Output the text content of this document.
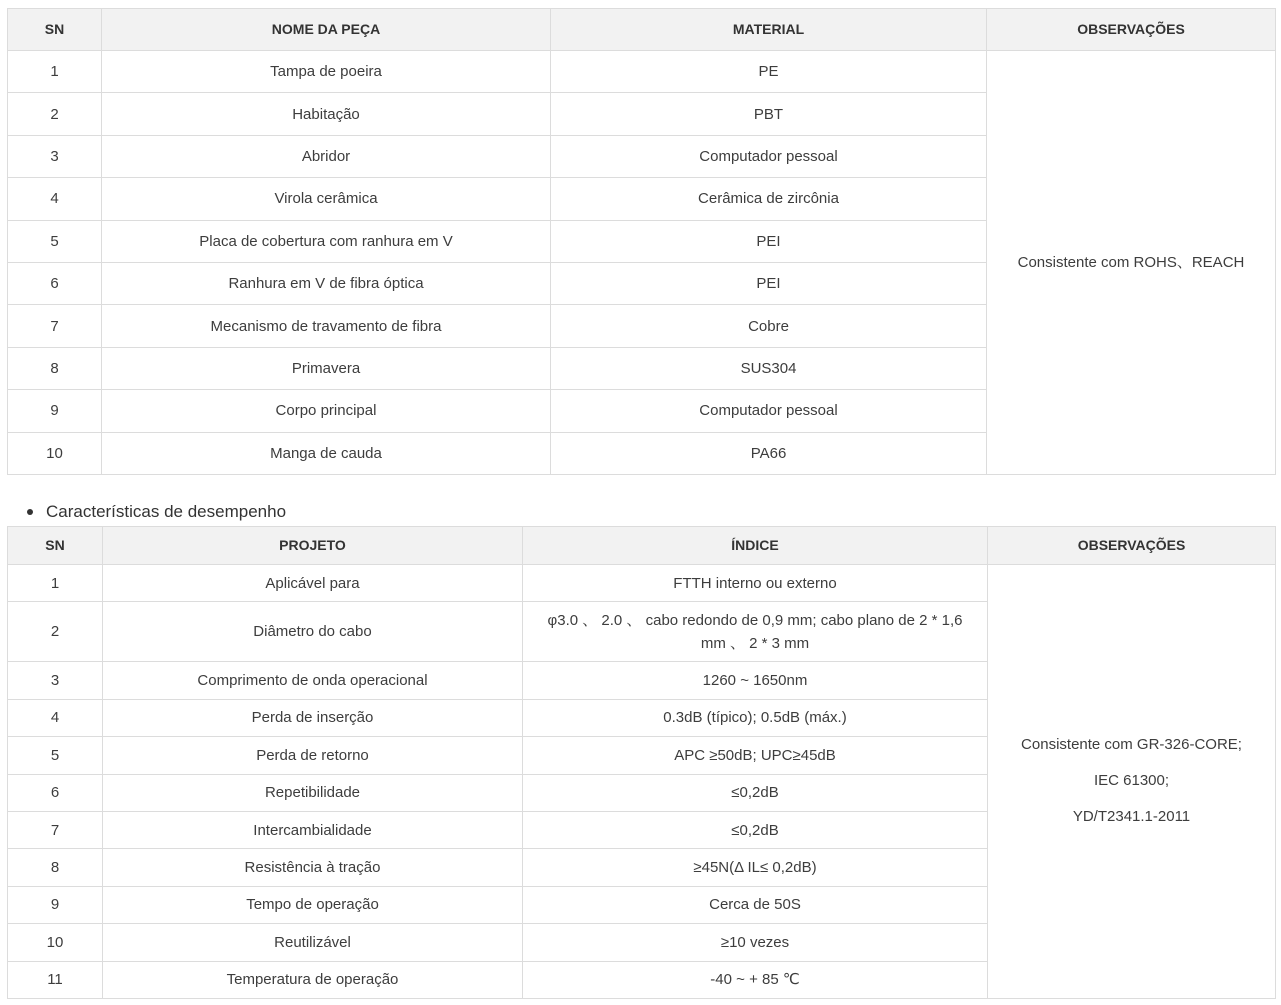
SN	NOME DA PEÇA	MATERIAL	OBSERVAÇÕES
1	Tampa de poeira	PE	Consistente com ROHS、REACH
2	Habitação	PBT	
3	Abridor	Computador pessoal	
4	Virola cerâmica	Cerâmica de zircônia	
5	Placa de cobertura com ranhura em V	PEI	
6	Ranhura em V de fibra óptica	PEI	
7	Mecanismo de travamento de fibra	Cobre	
8	Primavera	SUS304	
9	Corpo principal	Computador pessoal	
10	Manga de cauda	PA66	
Características de desempenho
SN	PROJETO	ÍNDICE	OBSERVAÇÕES
1	Aplicável para	FTTH interno ou externo	Consistente com GR-326-CORE;

IEC 61300;

YD/T2341.1-2011

2	Diâmetro do cabo	φ3.0 、 2.0 、 cabo redondo de 0,9 mm; cabo plano de 2 * 1,6 mm 、 2 * 3 mm	
3	Comprimento de onda operacional	1260 ~ 1650nm	
4	Perda de inserção	0.3dB (típico); 0.5dB (máx.)	
5	Perda de retorno	APC ≥50dB; UPC≥45dB	
6	Repetibilidade	≤0,2dB	
7	Intercambialidade	≤0,2dB	
8	Resistência à tração	≥45N(Δ IL≤ 0,2dB)	
9	Tempo de operação	Cerca de 50S	
10	Reutilizável	≥10 vezes	
11	Temperatura de operação	-40 ~ + 85 ℃	
